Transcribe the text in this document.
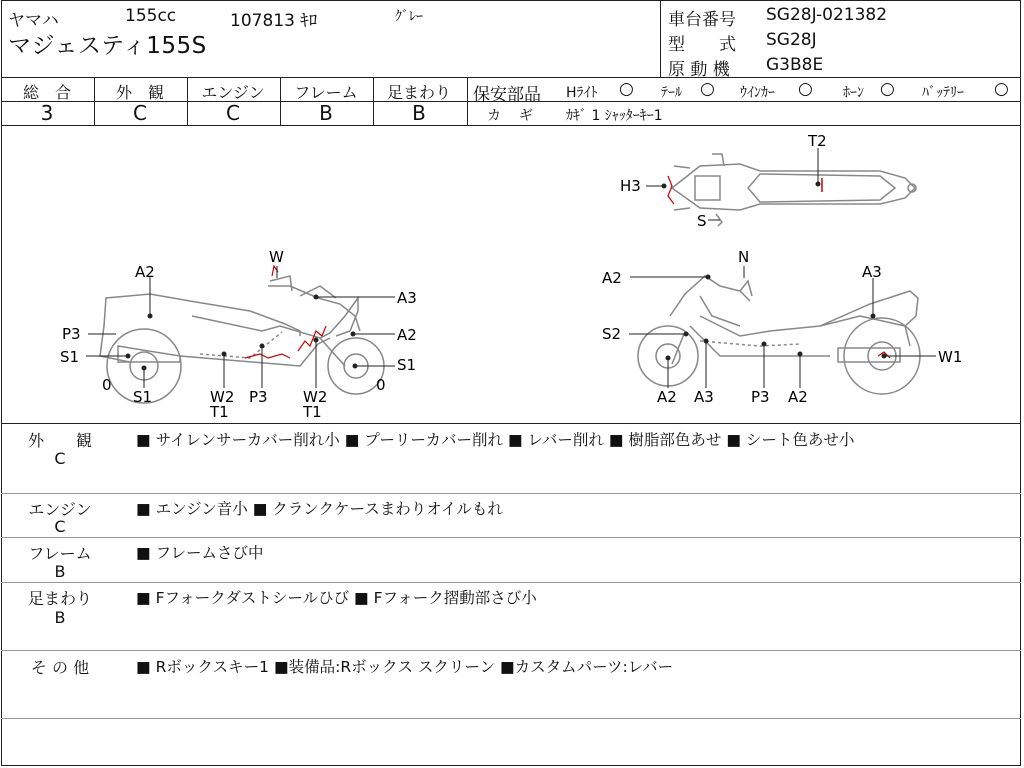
ヤマハ	155cc	107813 ｷﾛ	ｸﾞﾚｰ
マジェスティ155S
車台番号 SG28J-021382
型　　式 SG28J
原 動 機 G3B8E
総　合
3
外　観
C
エンジン
C
フレーム
B
足まわり
B
保安部品 Hﾗｲﾄ ○ ﾃｰﾙ ○ ｳｲﾝｶｰ ○ ﾎｰﾝ ○ ﾊﾞｯﾃﾘｰ ○
カ　ギ ｶｷﾞ 1 ｼｬｯﾀｰｷｰ1
A2
W
A3
P3	A2
S1	S1
0	0
S1	W2
T1
P3 W2
T1
T2
H3
S
A2
N
A3
S2
W1
A2 A3 P3 A2
外　　観
C
■ サイレンサーカバー削れ小 ■ プーリーカバー削れ ■ レバー削れ ■ 樹脂部色あせ ■ シート色あせ小
エンジン
C
■ エンジン音小 ■ クランクケースまわりオイルもれ
フレーム
B
■ フレームさび中
足まわり
B
■ Fフォークダストシールひび ■ Fフォーク摺動部さび小
そ の 他	■ Rボックスキー1 ■装備品:Rボックス スクリーン ■カスタムパーツ:レバー
